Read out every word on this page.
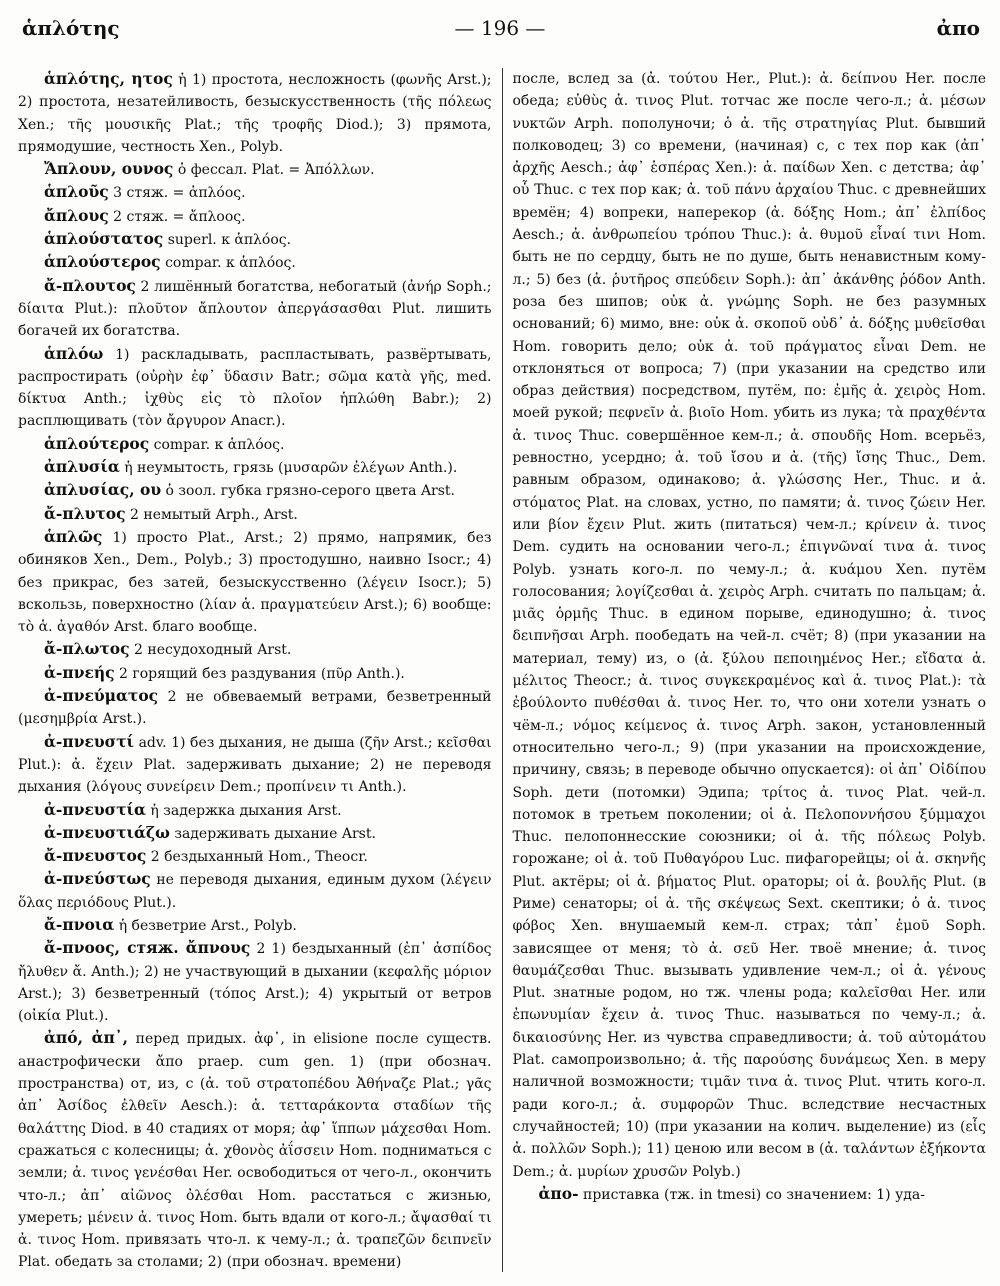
ἁπλότης	— 196 —	ἀπο

ἁπλότης, ητος ἡ 1) простота, несложность (φωνῆς Arst.); 2) простота, незатейливость, безыскусственность (τῆς πόλεως Xen.; τῆς μουσικῆς Plat.; τῆς τροφῆς Diod.); 3) прямота, прямодушие, честность Xen., Polyb.

Ἄπλουν, ουνος ὁ фессал. Plat. = Ἀπόλλων.

ἁπλοῦς 3 стяж. = ἁπλόος.

ἄπλους 2 стяж. = ἄπλοος.

ἁπλούστατος superl. к ἁπλόος.

ἁπλούστερος compar. к ἁπλόος.

ἄ-πλουτος 2 лишённый богатства, небогатый (ἀνήρ Soph.; δίαιτα Plut.): πλοῦτον ἄπλουτον ἀπεργάσασθαι Plut. лишить богачей их богатства.

ἁπλόω 1) раскладывать, распластывать, развёртывать, распростирать (οὐρὴν ἐφ᾽ ὕδασιν Batr.; σῶμα κατὰ γῆς, med. δίκτυα Anth.; ἰχθὺς εἰς τὸ πλοῖον ἡπλώθη Babr.); 2) расплющивать (τὸν ἄργυρον Anacr.).

ἁπλούτερος compar. к ἁπλόος.

ἀπλυσία ἡ неумытость, грязь (μυσαρῶν ἐλέγων Anth.).

ἀπλυσίας, ου ὁ зоол. губка грязно-серого цвета Arst.

ἄ-πλυτος 2 немытый Arph., Arst.

ἁπλῶς 1) просто Plat., Arst.; 2) прямо, напрямик, без обиняков Xen., Dem., Polyb.; 3) простодушно, наивно Isocr.; 4) без прикрас, без затей, безыскусственно (λέγειν Isocr.); 5) вскользь, поверхностно (λίαν ἁ. πραγματεύειν Arst.); 6) вообще: τὸ ἁ. ἀγαθόν Arst. благо вообще.

ἄ-πλωτος 2 несудоходный Arst.

ἀ-πνεής 2 горящий без раздувания (πῦρ Anth.).

ἀ-πνεύματος 2 не обвеваемый ветрами, безветренный (μεσημβρία Arst.).

ἀ-πνευστί adv. 1) без дыхания, не дыша (ζῆν Arst.; κεῖσθαι Plut.): ἀ. ἔχειν Plat. задерживать дыхание; 2) не переводя дыхания (λόγους συνείρειν Dem.; προπίνειν τι Anth.).

ἀ-πνευστία ἡ задержка дыхания Arst.

ἀ-πνευστιάζω задерживать дыхание Arst.

ἄ-πνευστος 2 бездыханный Hom., Theocr.

ἀ-πνεύστως не переводя дыхания, единым духом (λέγειν ὅλας περιόδους Plut.).

ἄ-πνοια ἡ безветрие Arst., Polyb.

ἄ-πνοος, стяж. ἄπνους 2 1) бездыханный (ἐπ᾽ ἀσπίδος ἤλυθεν ἄ. Anth.); 2) не участвующий в дыхании (κεφαλῆς μόριον Arst.); 3) безветренный (τόπος Arst.); 4) укрытый от ветров (οἰκία Plut.).

ἀπό, ἀπ᾽, перед придых. ἀφ᾽, in elisione после существ. анастрофически ἄπο praep. cum gen. 1) (при обознач. пространства) от, из, с (ἀ. τοῦ στρατοπέδου Ἀθήναζε Plat.; γᾶς ἀπ᾽ Ἀσίδος ἐλθεῖν Aesch.): ἀ. τετταράκοντα σταδίων τῆς θαλάττης Diod. в 40 стадиях от моря; ἀφ᾽ ἵππων μάχεσθαι Hom. сражаться с колесницы; ἀ. χθονὸς ἀΐσσειν Hom. подниматься с земли; ἀ. τινος γενέσθαι Her. освободиться от чего-л., окончить что-л.; ἀπ᾽ αἰῶνος ὀλέσθαι Hom. расстаться с жизнью, умереть; μένειν ἀ. τινος Hom. быть вдали от кого-л.; ἄψασθαί τι ἀ. τινος Hom. привязать что-л. к чему-л.; ἀ. τραπεζῶν δειπνεῖν Plat. обедать за столами; 2) (при обознач. времени)

после, вслед за (ἀ. τούτου Her., Plut.): ἀ. δείπνου Her. после обеда; εὐθὺς ἀ. τινος Plut. тотчас же после чего-л.; ἀ. μέσων νυκτῶν Arph. пополуночи; ὁ ἀ. τῆς στρατηγίας Plut. бывший полководец; 3) со времени, (начиная) с, с тех пор как (ἀπ᾽ ἀρχῆς Aesch.; ἀφ᾽ ἑσπέρας Xen.): ἀ. παίδων Xen. с детства; ἀφ᾽ οὗ Thuc. с тех пор как; ἀ. τοῦ πάνυ ἀρχαίου Thuc. с древнейших времён; 4) вопреки, наперекор (ἀ. δόξης Hom.; ἀπ᾽ ἐλπίδος Aesch.; ἀ. ἀνθρωπείου τρόπου Thuc.): ἀ. θυμοῦ εἶναί τινι Hom. быть не по сердцу, быть не по душе, быть ненавистным кому-л.; 5) без (ἀ. ῥυτῆρος σπεύδειν Soph.): ἀπ᾽ ἀκάνθης ῥόδον Anth. роза без шипов; οὐκ ἀ. γνώμης Soph. не без разумных оснований; 6) мимо, вне: οὐκ ἀ. σκοποῦ οὐδ᾽ ἀ. δόξης μυθεῖσθαι Hom. говорить дело; οὐκ ἀ. τοῦ πράγματος εἶναι Dem. не отклоняться от вопроса; 7) (при указании на средство или образ действия) посредством, путём, по: ἐμῆς ἀ. χειρὸς Hom. моей рукой; πεφνεῖν ἀ. βιοῖο Hom. убить из лука; τὰ πραχθέντα ἀ. τινος Thuc. совершённое кем-л.; ἀ. σπουδῆς Hom. всерьёз, ревностно, усердно; ἀ. τοῦ ἴσου и ἀ. (τῆς) ἴσης Thuc., Dem. равным образом, одинаково; ἀ. γλώσσης Her., Thuc. и ἀ. στόματος Plat. на словах, устно, по памяти; ἀ. τινος ζώειν Her. или βίον ἔχειν Plut. жить (питаться) чем-л.; κρίνειν ἀ. τινος Dem. судить на основании чего-л.; ἐπιγνῶναί τινα ἀ. τινος Polyb. узнать кого-л. по чему-л.; ἀ. κυάμου Xen. путём голосования; λογίζεσθαι ἀ. χειρὸς Arph. считать по пальцам; ἀ. μιᾶς ὁρμῆς Thuc. в едином порыве, единодушно; ἀ. τινος δειπνῆσαι Arph. пообедать на чей-л. счёт; 8) (при указании на материал, тему) из, о (ἀ. ξύλου πεποιημένος Her.; εἴδατα ἀ. μέλιτος Theocr.; ἀ. τινος συγκεκραμένος καὶ ἀ. τινος Plat.): τὰ ἐβούλοντο πυθέσθαι ἀ. τινος Her. то, что они хотели узнать о чём-л.; νόμος κείμενος ἀ. τινος Arph. закон, установленный относительно чего-л.; 9) (при указании на происхождение, причину, связь; в переводе обычно опускается): οἱ ἀπ᾽ Οἰδίπου Soph. дети (потомки) Эдипа; τρίτος ἀ. τινος Plat. чей-л. потомок в третьем поколении; οἱ ἀ. Πελοποννήσου ξύμμαχοι Thuc. пелопоннесские союзники; οἱ ἀ. τῆς πόλεως Polyb. горожане; οἱ ἀ. τοῦ Πυθαγόρου Luc. пифагорейцы; οἱ ἀ. σκηνῆς Plut. актёры; οἱ ἀ. βήματος Plut. ораторы; οἱ ἀ. βουλῆς Plut. (в Риме) сенаторы; οἱ ἀ. τῆς σκέψεως Sext. скептики; ὁ ἀ. τινος φόβος Xen. внушаемый кем-л. страх; τἀπ᾽ ἐμοῦ Soph. зависящее от меня; τὸ ἀ. σεῦ Her. твоё мнение; ἀ. τινος θαυμάζεσθαι Thuc. вызывать удивление чем-л.; οἱ ἀ. γένους Plut. знатные родом, но тж. члены рода; καλεῖσθαι Her. или ἐπωνυμίαν ἔχειν ἀ. τινος Thuc. называться по чему-л.; ἀ. δικαιοσύνης Her. из чувства справедливости; ἀ. τοῦ αὐτομάτου Plat. самопроизвольно; ἀ. τῆς παρούσης δυνάμεως Xen. в меру наличной возможности; τιμᾶν τινα ἀ. τινος Plut. чтить кого-л. ради кого-л.; ἀ. συμφορῶν Thuc. вследствие несчастных случайностей; 10) (при указании на колич. выделение) из (εἷς ἀ. πολλῶν Soph.); 11) ценою или весом в (ἀ. ταλάντων ἑξήκοντα Dem.; ἀ. μυρίων χρυσῶν Polyb.)

ἀπο- приставка (тж. in tmesi) со значением: 1) уда-
